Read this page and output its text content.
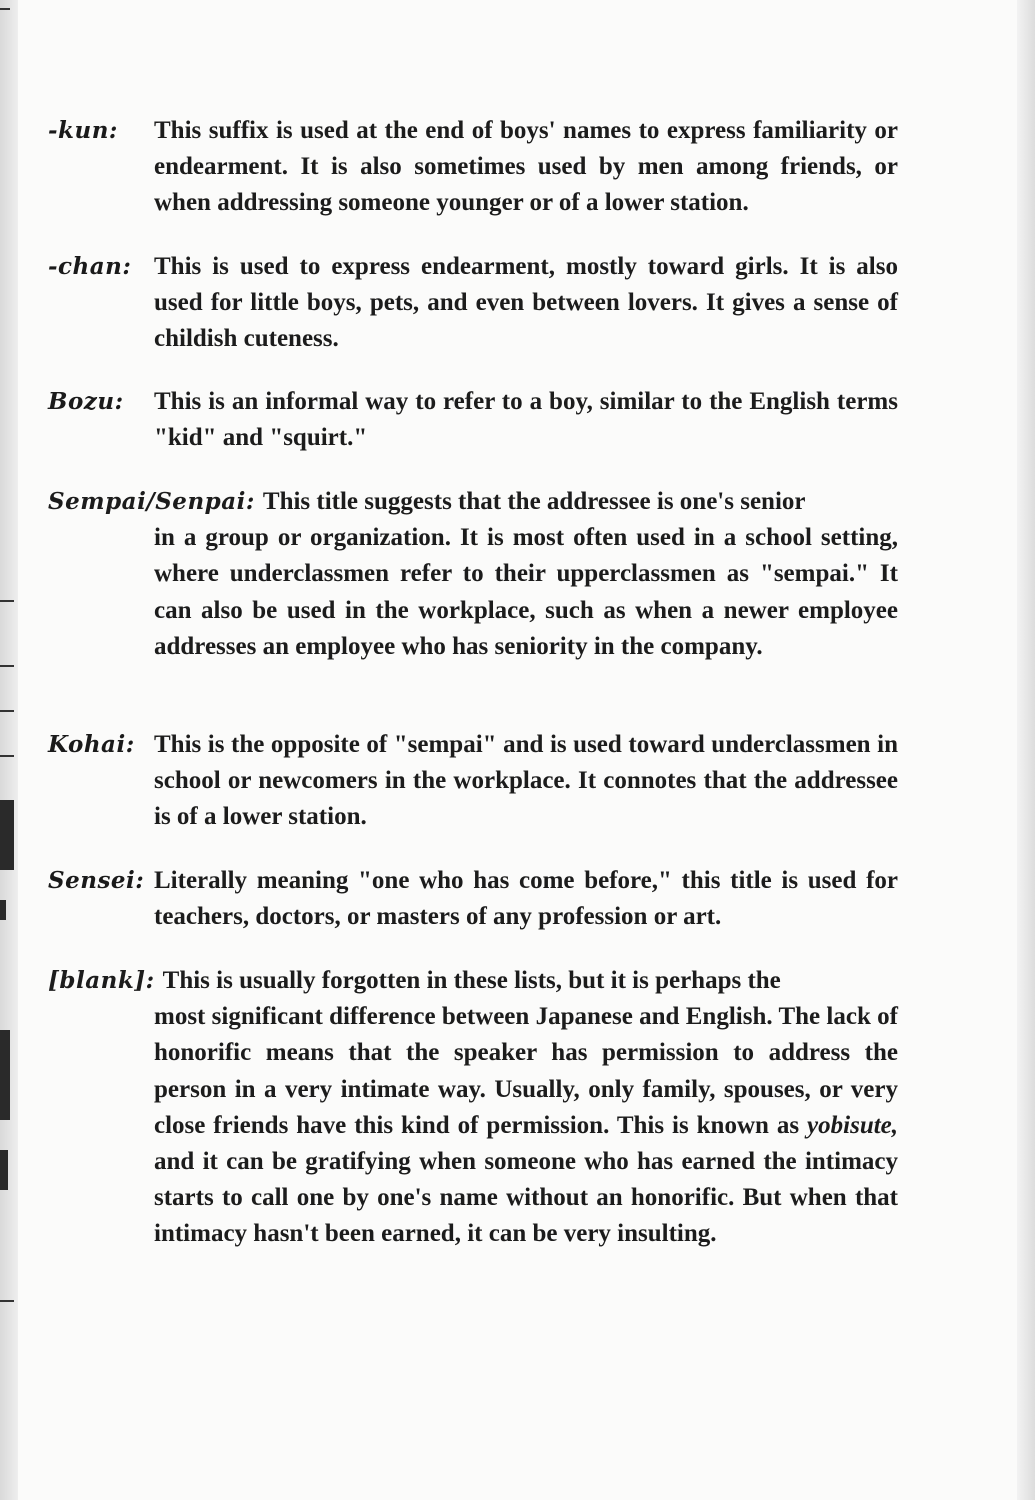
-kun: This suffix is used at the end of boys' names to express familiarity or endearment. It is also sometimes used by men among friends, or when addressing someone younger or of a lower station.
-chan: This is used to express endearment, mostly toward girls. It is also used for little boys, pets, and even between lovers. It gives a sense of childish cuteness.
Bozu: This is an informal way to refer to a boy, similar to the English terms "kid" and "squirt."
Sempai/Senpai: This title suggests that the addressee is one's senior
in a group or organization. It is most often used in a school setting, where underclassmen refer to their upperclassmen as "sempai." It can also be used in the workplace, such as when a newer employee addresses an employee who has seniority in the company.
Kohai: This is the opposite of "sempai" and is used toward underclassmen in school or newcomers in the workplace. It connotes that the addressee is of a lower station.
Sensei: Literally meaning "one who has come before," this title is used for teachers, doctors, or masters of any profession or art.
[blank]: This is usually forgotten in these lists, but it is perhaps the
most significant difference between Japanese and English. The lack of honorific means that the speaker has permission to address the person in a very intimate way. Usually, only family, spouses, or very close friends have this kind of permission. This is known as yobisute, and it can be gratifying when someone who has earned the intimacy starts to call one by one's name without an honorific. But when that intimacy hasn't been earned, it can be very insulting.
